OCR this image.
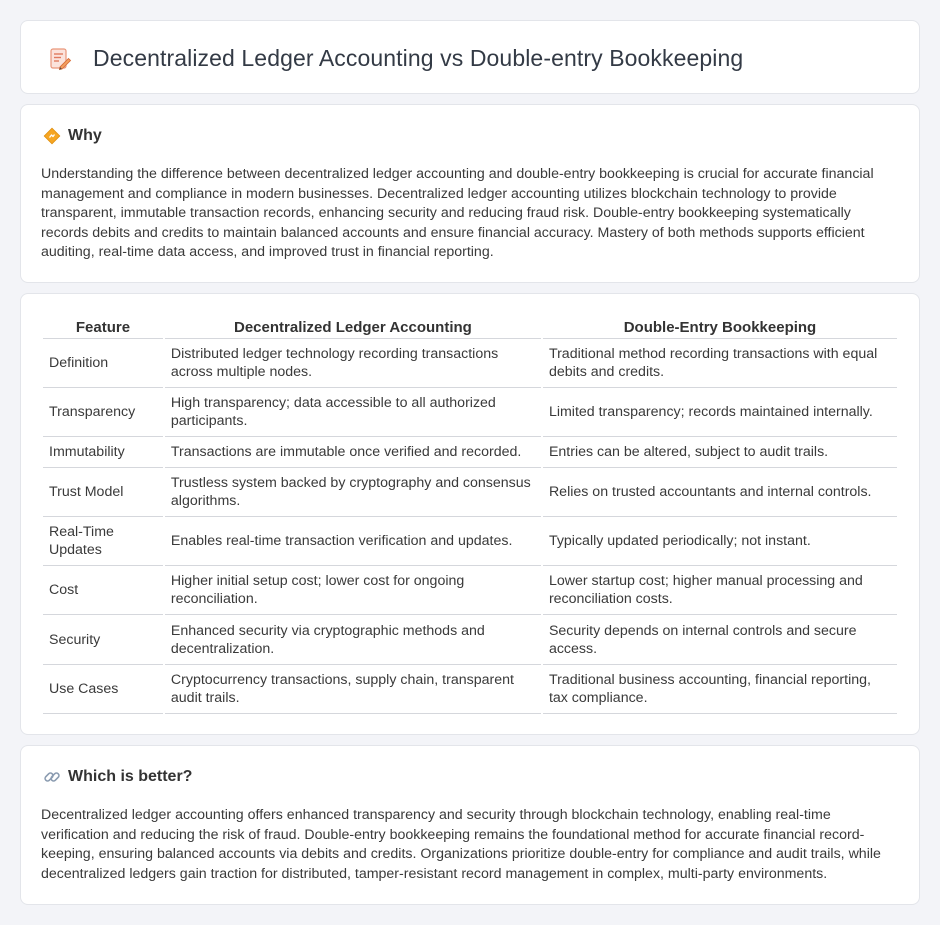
Decentralized Ledger Accounting vs Double-entry Bookkeeping
Why

Understanding the difference between decentralized ledger accounting and double-entry bookkeeping is crucial for accurate financial management and compliance in modern businesses. Decentralized ledger accounting utilizes blockchain technology to provide transparent, immutable transaction records, enhancing security and reducing fraud risk. Double-entry bookkeeping systematically records debits and credits to maintain balanced accounts and ensure financial accuracy. Mastery of both methods supports efficient auditing, real-time data access, and improved trust in financial reporting.

Feature	Decentralized Ledger Accounting	Double-Entry Bookkeeping
Definition	Distributed ledger technology recording transactions across multiple nodes.	Traditional method recording transactions with equal debits and credits.
Transparency	High transparency; data accessible to all authorized participants.	Limited transparency; records maintained internally.
Immutability	Transactions are immutable once verified and recorded.	Entries can be altered, subject to audit trails.
Trust Model	Trustless system backed by cryptography and consensus algorithms.	Relies on trusted accountants and internal controls.
Real-Time Updates	Enables real-time transaction verification and updates.	Typically updated periodically; not instant.
Cost	Higher initial setup cost; lower cost for ongoing reconciliation.	Lower startup cost; higher manual processing and reconciliation costs.
Security	Enhanced security via cryptographic methods and decentralization.	Security depends on internal controls and secure access.
Use Cases	Cryptocurrency transactions, supply chain, transparent audit trails.	Traditional business accounting, financial reporting, tax compliance.
Which is better?

Decentralized ledger accounting offers enhanced transparency and security through blockchain technology, enabling real-time verification and reducing the risk of fraud. Double-entry bookkeeping remains the foundational method for accurate financial record-keeping, ensuring balanced accounts via debits and credits. Organizations prioritize double-entry for compliance and audit trails, while decentralized ledgers gain traction for distributed, tamper-resistant record management in complex, multi-party environments.
